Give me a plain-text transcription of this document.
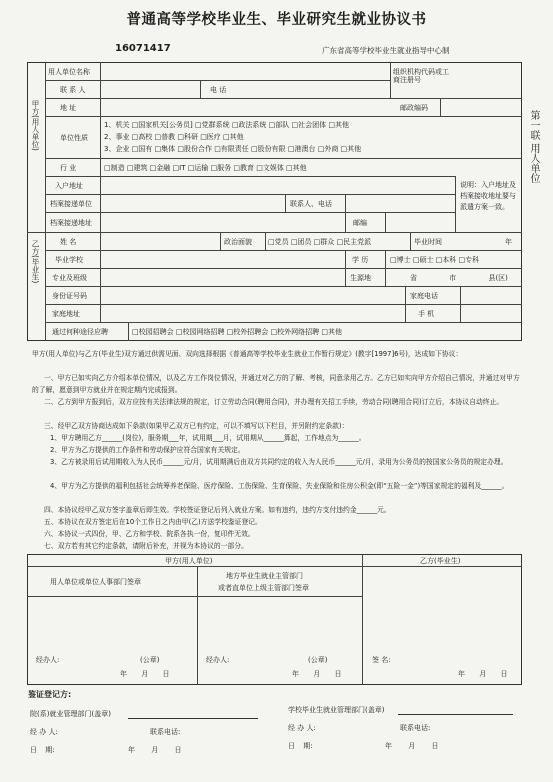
普通高等学校毕业生、毕业研究生就业协议书
16071417	广东省高等学校毕业生就业指导中心制
第一联 用人单位
甲方(用人单位)
乙方(毕业生)
用人单位名称	组织机构代码或工商注册号
联 系 人	电 话
地 址	邮政编码
单位性质
1、机关 □国家机关[公务员] □党群系统 □政法系统 □部队 □社会团体 □其他
2、事业 □高校 □普教 □科研 □医疗 □其他
3、企业 □国有 □集体 □股份合作 □有限责任 □股份有限 □港澳台 □外商 □其他
行 业	□制造 □建筑 □金融 □IT □运输 □服务 □教育 □文娱体 □其他
入户地址
档案接递单位	联系人、电话
档案接递地址	邮编
说明：入户地址及档案接收地址要与派遣方案一致。
姓 名	政治面貌 □党员 □团员 □群众 □民主党派	毕业时间	年
毕业学校	学 历	□博士 □硕士 □本科 □专科
专业及班级	生源地	省 市 县(区)
身份证号码	家庭电话
家庭地址	手 机
通过何种途径应聘	□校园招聘会 □校园网络招聘 □校外招聘会 □校外网络招聘 □其他
甲方(用人单位)与乙方(毕业生)双方通过供需见面、双向选择根据《普通高等学校毕业生就业工作暂行规定》(教字[1997]6号)，达成如下协议：
一、甲方已如实向乙方介绍本单位情况，以及乙方工作岗位情况，并通过对乙方的了解、考核，同意录用乙方。乙方已如实向甲方介绍自己情况，并通过对甲方的了解，愿意到甲方就业并在规定期内完成报到。
二、乙方到甲方报到后，双方应按有关法律法规的规定，订立劳动合同(聘用合同)，并办理有关招工手续，劳动合同(聘用合同)订立后，本协议自动终止。
三、经甲乙双方协商达成如下条款(如果甲乙双方已有约定，可以不填写以下栏目，并另附约定条款)：
1、甲方聘用乙方______(岗位)，服务期___年，试用期___月，试用期从______算起，工作地点为______。
2、甲方为乙方提供的工作条件和劳动保护应符合国家有关规定。
3、乙方被录用后试用期收入为人民币______元/月，试用期满后由双方共同约定的收入为人民币______元/月，录用为公务员的按国家公务员的规定办理。
4、甲方为乙方提供的福利包括社会统筹养老保险、医疗保险、工伤保险、生育保险、失业保险和住房公积金(即“五险一金”)等国家规定的福利及______。
四、本协议经甲乙双方签字盖章后即生效。学校签证登记后列入就业方案。如有违约，违约方支付违约金______元。
五、本协议在双方签定后在10个工作日之内由甲(乙)方送学校鉴证登记。
六、本协议一式四份，甲、乙方和学校、院系各执一份，复印件无效。
七、双方若有其它约定条款，请附后补充，并视为本协议的一部分。
甲方(用人单位)	乙方(毕业生)
用人单位或单位人事部门签章
地方毕业生就业主管部门
或者直单位上级主管部门签章
经办人:	(公章)
年 月 日
经办人:	(公章)
年 月 日
签 名:
年 月 日
鉴证登记方:
院(系)就业管理部门(盖章)
经 办 人:	联系电话:
日 期:	年 月 日
学校毕业生就业管理部门(盖章)
经 办 人:	联系电话:
日 期:	年 月 日
